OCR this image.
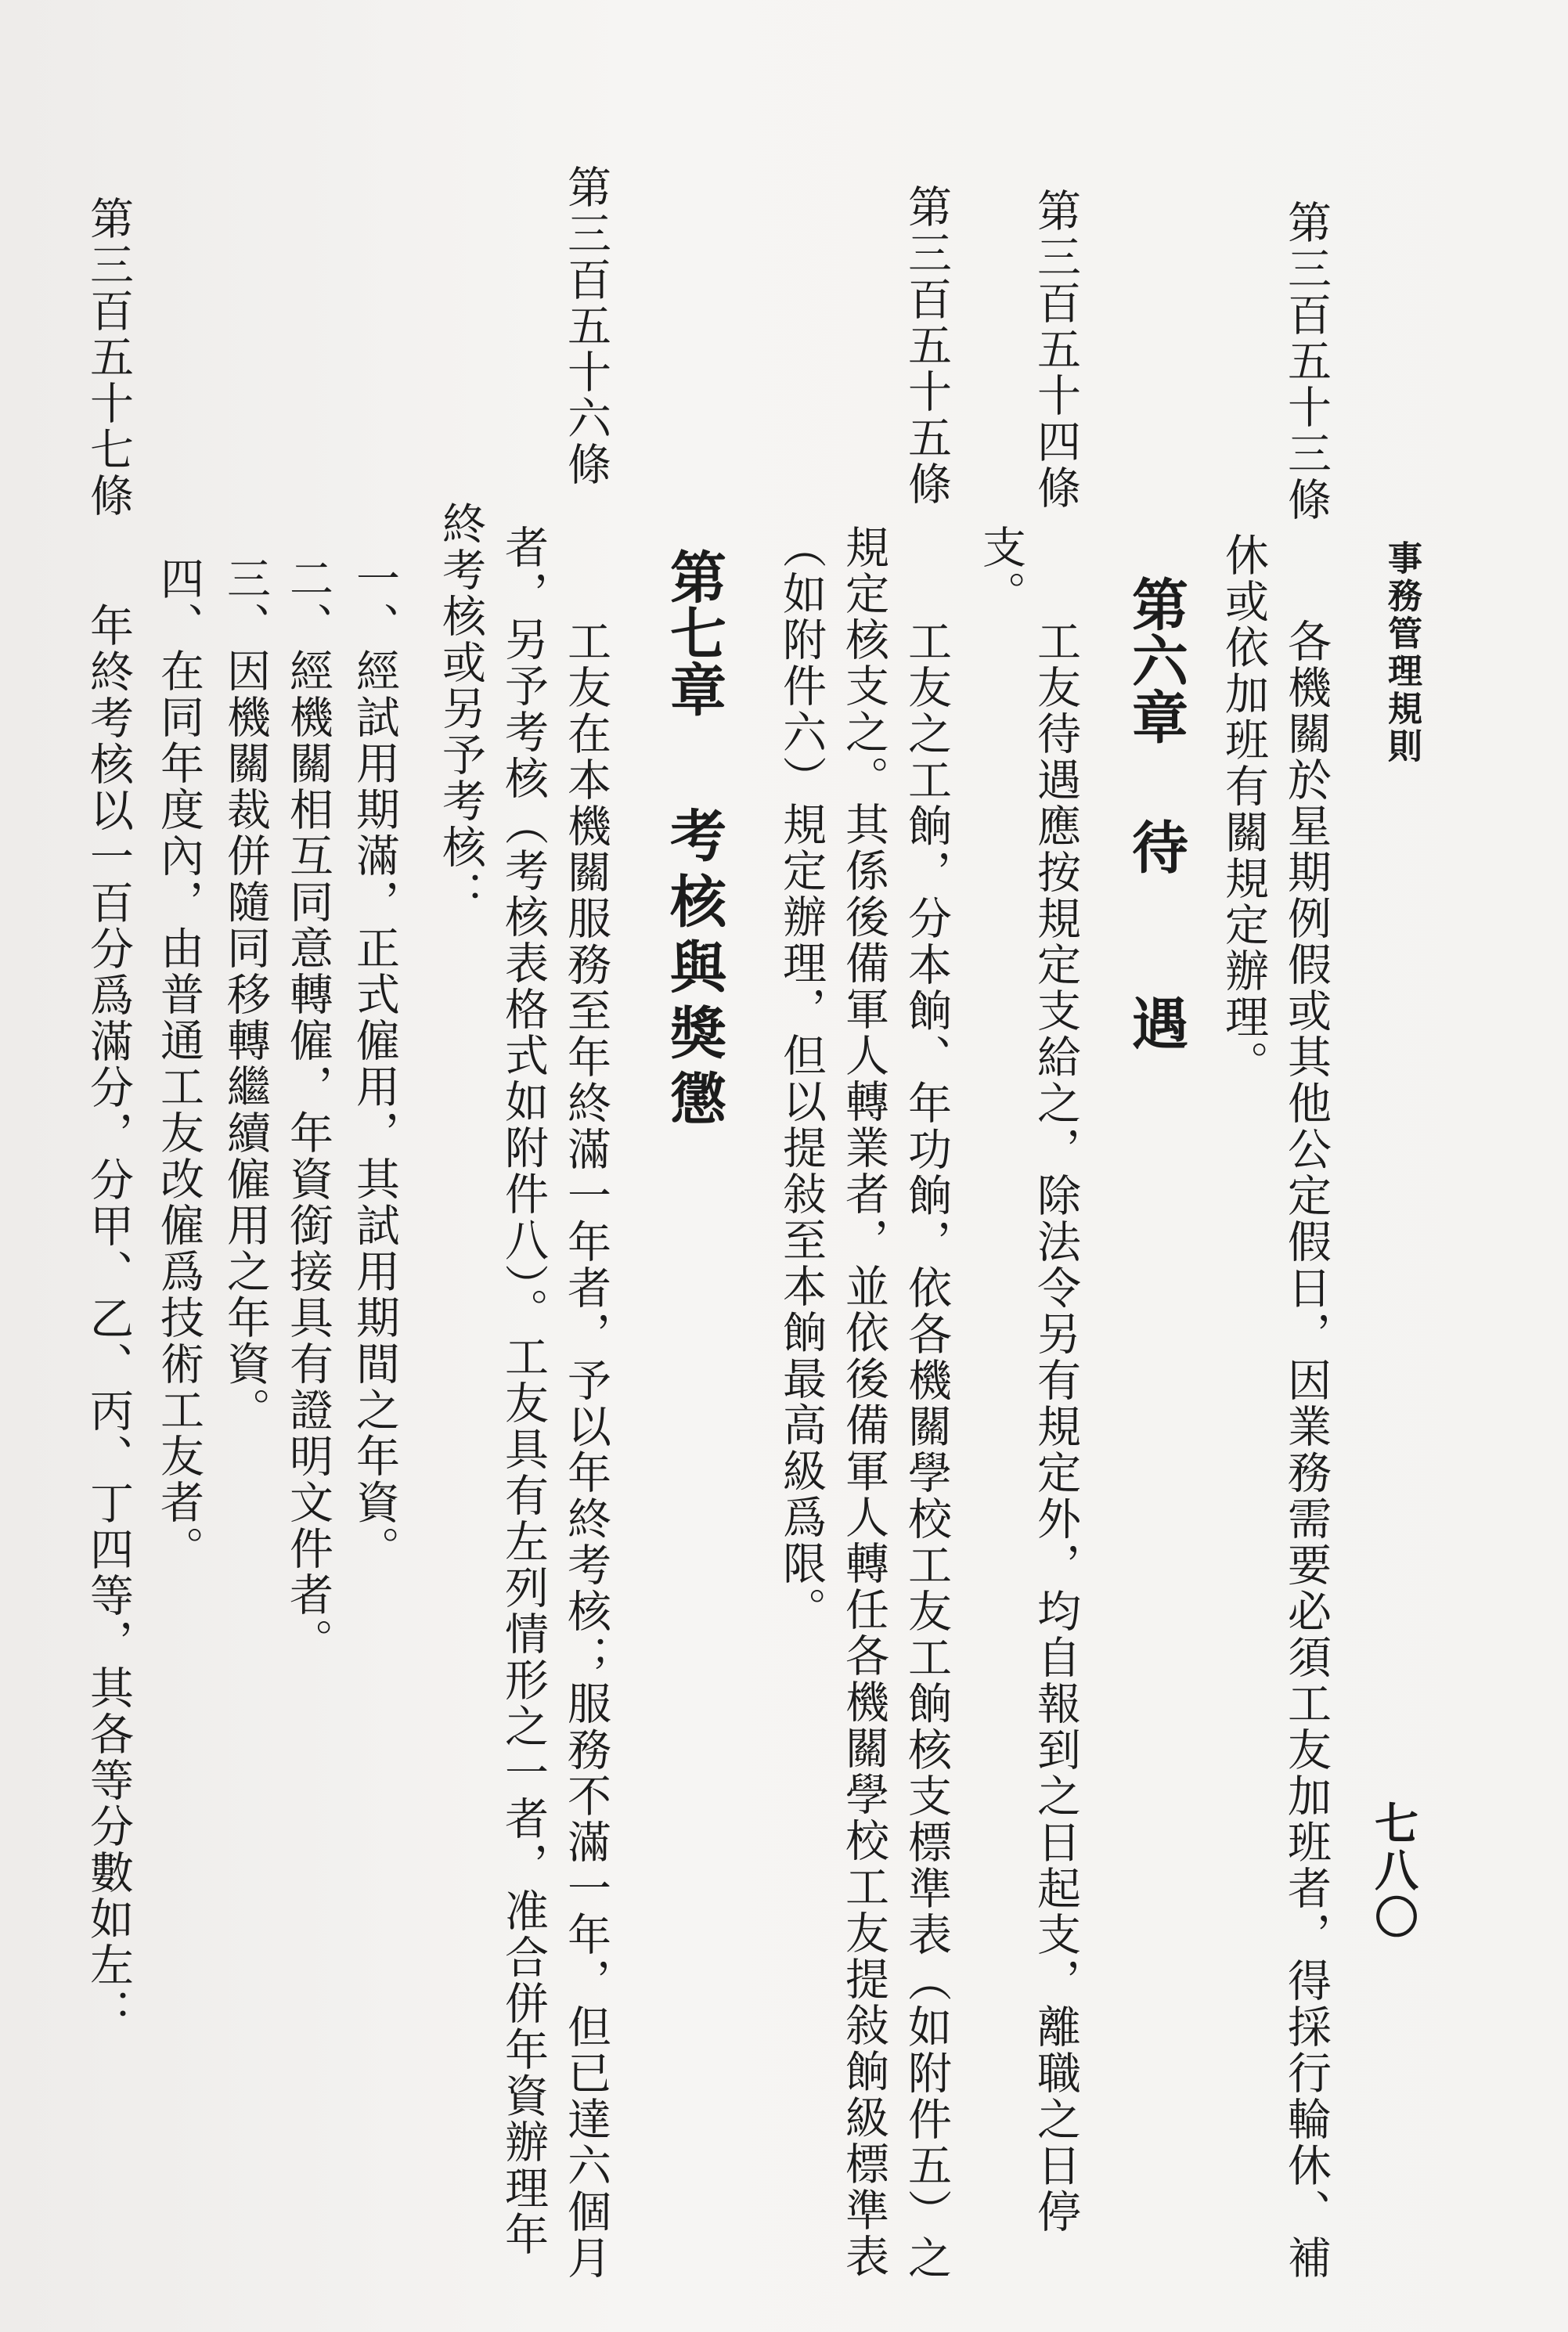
事務管理規則
七八〇
第三百五十三條
各機關於星期例假或其他公定假日，因業務需要必須工友加班者，得採行輪休、補
休或依加班有關規定辦理。
第六章
待
遇
第三百五十四條
工友待遇應按規定支給之，除法令另有規定外，均自報到之日起支，離職之日停
支。
第三百五十五條
工友之工餉，分本餉、年功餉，依各機關學校工友工餉核支標準表（如附件五）之
規定核支之。其係後備軍人轉業者，並依後備軍人轉任各機關學校工友提敍餉級標準表
（如附件六）規定辦理，但以提敍至本餉最高級爲限。
第七章
考核與獎懲
第三百五十六條
工友在本機關服務至年終滿一年者，予以年終考核；服務不滿一年，但已達六個月
者，另予考核（考核表格式如附件八）。工友具有左列情形之一者，准合併年資辦理年
終考核或另予考核：
一、經試用期滿，正式僱用，其試用期間之年資。
二、經機關相互同意轉僱，年資銜接具有證明文件者。
三、因機關裁併隨同移轉繼續僱用之年資。
四、在同年度內，由普通工友改僱爲技術工友者。
第三百五十七條
年終考核以一百分爲滿分，分甲、乙、丙、丁四等，其各等分數如左：
